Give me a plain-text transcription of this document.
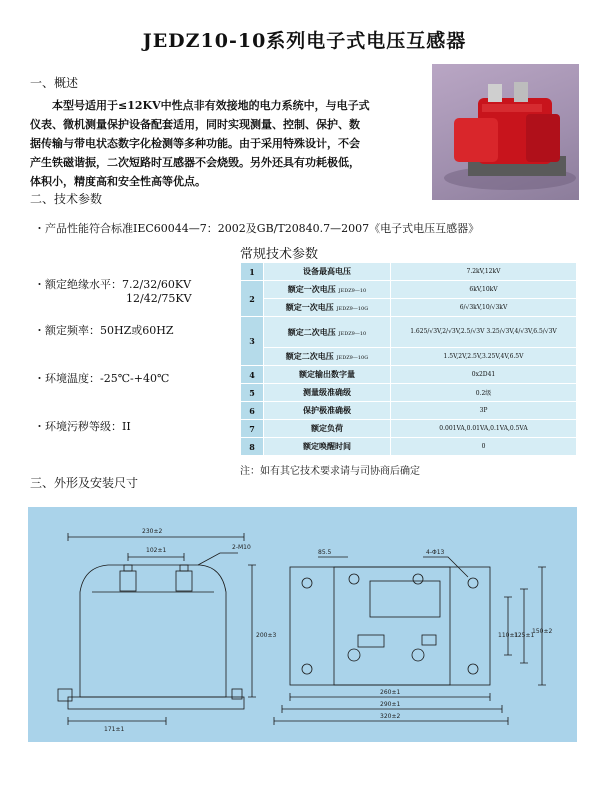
JEDZ10-10系列电子式电压互感器
一、概述
本型号适用于≤12KV中性点非有效接地的电力系统中，与电子式
仪表、微机测量保护设备配套适用，同时实现测量、控制、保护、数
据传输与带电状态数字化检测等多种功能。由于采用特殊设计，不会
产生铁磁谐振，二次短路时互感器不会烧毁。另外还具有功耗极低，
体积小，精度高和安全性高等优点。
二、技术参数
・产品性能符合标准IEC60044—7：2002及GB/T20840.7—2007《电子式电压互感器》
・额定绝缘水平：7.2/32/60KV
12/42/75KV
・额定频率：50HZ或60HZ
・环境温度：-25℃-+40℃
・环境污秽等级：II
常规技术参数
1	设备最高电压	7.2kV,12kV
2	额定一次电压 JEDZ9—10	6kV,10kV
	额定一次电压 JEDZ9—10G	6/√3kV,10/√3kV
3	额定二次电压 JEDZ9—10	1.625/√3V,2/√3V,2.5/√3V 3.25/√3V,4/√3V,6.5/√3V
	额定二次电压 JEDZ9—10G	1.5V,2V,2.5V,3.25V,4V,6.5V
4	额定输出数字量	0x2D41
5	测量级准确级	0.2级
6	保护极准确极	3P
7	额定负荷	0.001VA,0.01VA,0.1VA,0.5VA
8	额定唤醒时间	0
注：如有其它技术要求请与司协商后确定
三、外形及安装尺寸
230±2
102±1	2-M10
200±3
171±1
85.5	4-Φ13
110±1
125±1
150±2
260±1
290±1
320±2
